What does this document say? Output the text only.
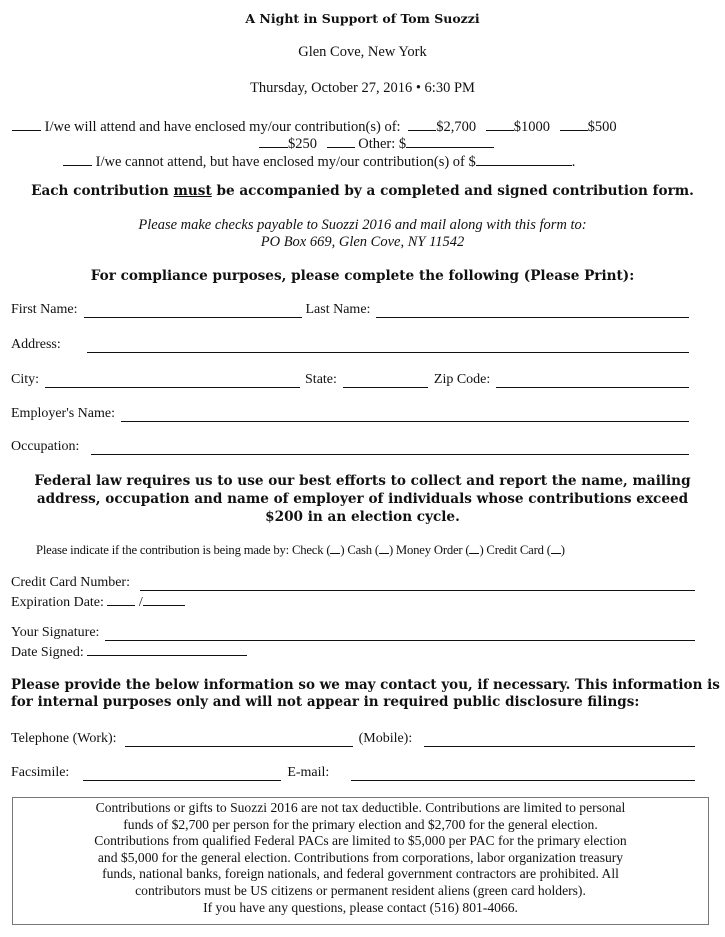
A Night in Support of Tom Suozzi
Glen Cove, New York
Thursday, October 27, 2016 • 6:30 PM
I/we will attend and have enclosed my/our contribution(s) of: $2,700	$1000	$500
$250	Other: $
I/we cannot attend, but have enclosed my/our contribution(s) of $	.
Each contribution must be accompanied by a completed and signed contribution form.
Please make checks payable to Suozzi 2016 and mail along with this form to:
PO Box 669, Glen Cove, NY 11542
For compliance purposes, please complete the following (Please Print):
First Name:	Last Name:
Address:
City:	State:	Zip Code:
Employer's Name:
Occupation:
Federal law requires us to use our best efforts to collect and report the name, mailing
address, occupation and name of employer of individuals whose contributions exceed
$200 in an election cycle.
Please indicate if the contribution is being made by: Check ( ) Cash ( ) Money Order ( ) Credit Card ( )
Credit Card Number:
Expiration Date:	/
Your Signature:
Date Signed:
Please provide the below information so we may contact you, if necessary. This information is
for internal purposes only and will not appear in required public disclosure filings:
Telephone (Work):	(Mobile):
Facsimile:	E-mail:
Contributions or gifts to Suozzi 2016 are not tax deductible. Contributions are limited to personal
funds of $2,700 per person for the primary election and $2,700 for the general election.
Contributions from qualified Federal PACs are limited to $5,000 per PAC for the primary election
and $5,000 for the general election. Contributions from corporations, labor organization treasury
funds, national banks, foreign nationals, and federal government contractors are prohibited. All
contributors must be US citizens or permanent resident aliens (green card holders).
If you have any questions, please contact (516) 801-4066.
